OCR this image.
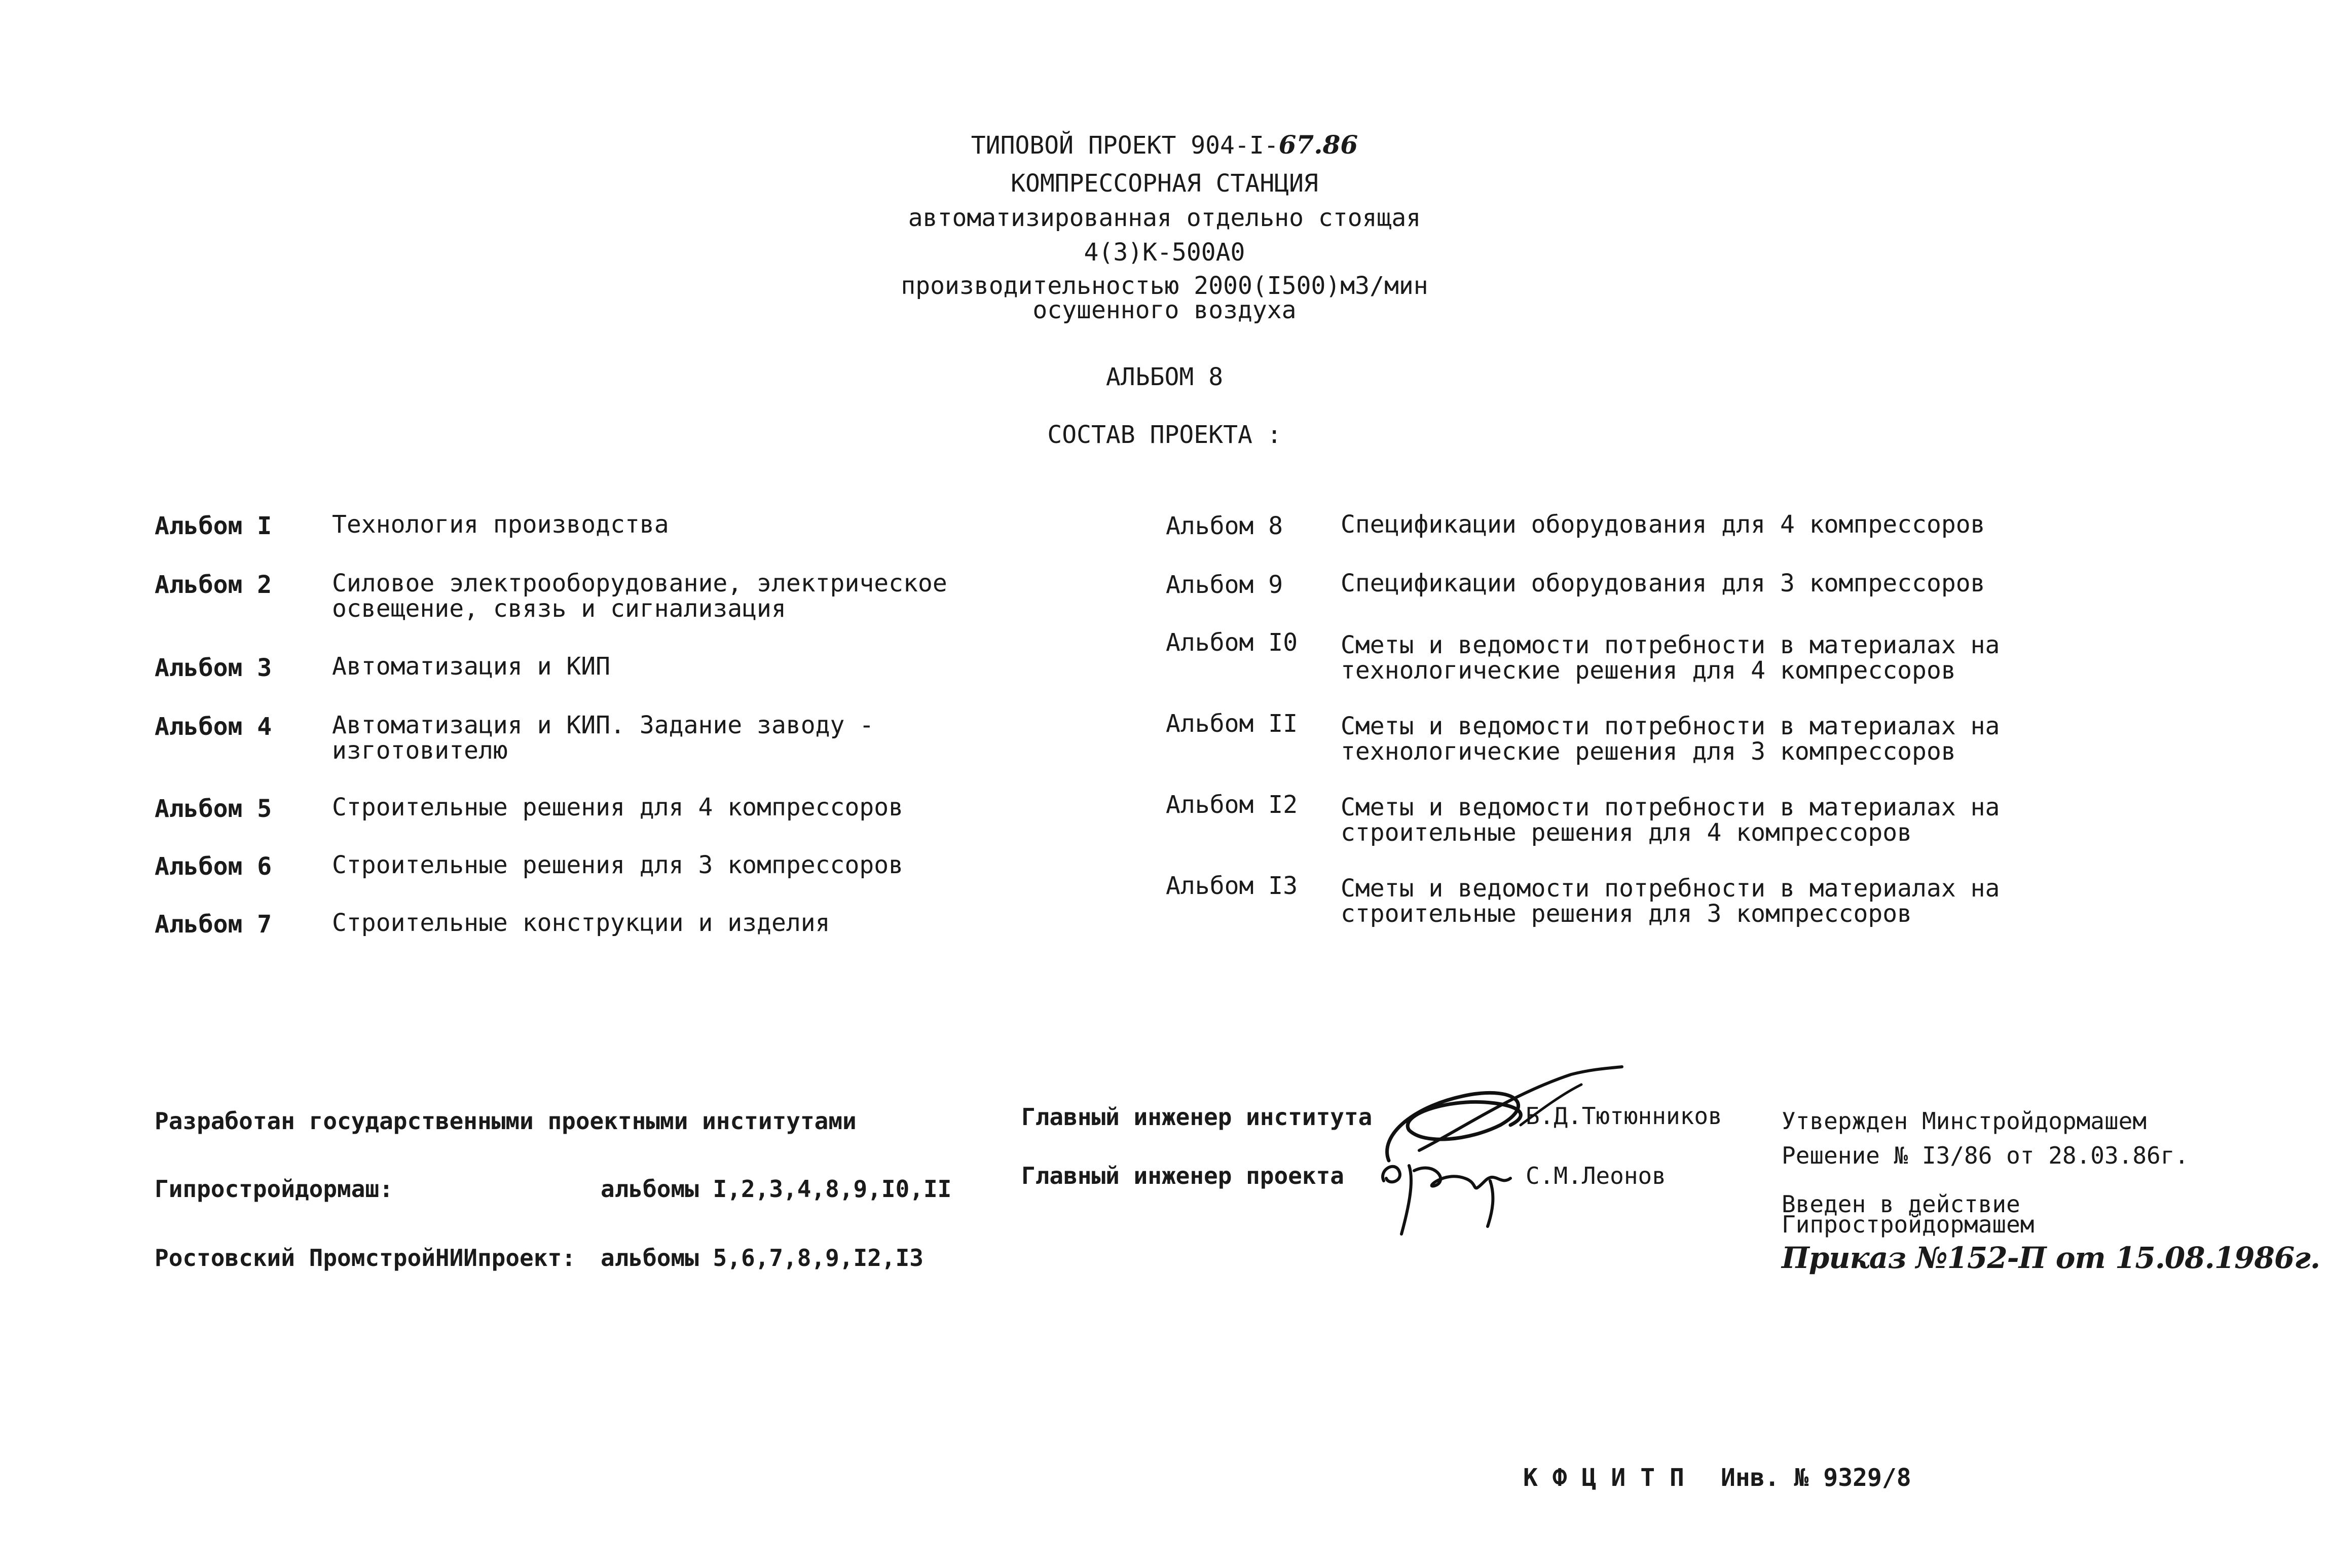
ТИПОВОЙ ПРОЕКТ 904-I-67.86
КОМПРЕССОРНАЯ СТАНЦИЯ
автоматизированная отдельно стоящая
4(3)К-500А0
производительностью 2000(I500)м3/мин
осушенного воздуха
АЛЬБОМ 8
СОСТАВ ПРОЕКТА :
Альбом I Технология производства
Альбом 2 Силовое электрооборудование, электрическое освещение, связь и сигнализация
Альбом 3 Автоматизация и КИП
Альбом 4 Автоматизация и КИП. Задание заводу - изготовителю
Альбом 5 Строительные решения для 4 компрессоров
Альбом 6 Строительные решения для 3 компрессоров
Альбом 7 Строительные конструкции и изделия
Альбом 8 Спецификации оборудования для 4 компрессоров
Альбом 9 Спецификации оборудования для 3 компрессоров
Альбом I0 Сметы и ведомости потребности в материалах на технологические решения для 4 компрессоров
Альбом II Сметы и ведомости потребности в материалах на технологические решения для 3 компрессоров
Альбом I2 Сметы и ведомости потребности в материалах на строительные решения для 4 компрессоров
Альбом I3 Сметы и ведомости потребности в материалах на строительные решения для 3 компрессоров
Разработан государственными проектными институтами
Гипростройдормаш:	альбомы I,2,3,4,8,9,I0,II
Ростовский ПромстройНИИпроект: альбомы 5,6,7,8,9,I2,I3
Главный инженер института	Б.Д.Тютюнников
Главный инженер проекта	С.М.Леонов
Утвержден Минстройдормашем
Решение № I3/86 от 28.03.86г.
Введен в действие
Гипростройдормашем
Приказ №152-П от 15.08.1986г.
К Ф Ц И Т П Инв. № 9329/8
